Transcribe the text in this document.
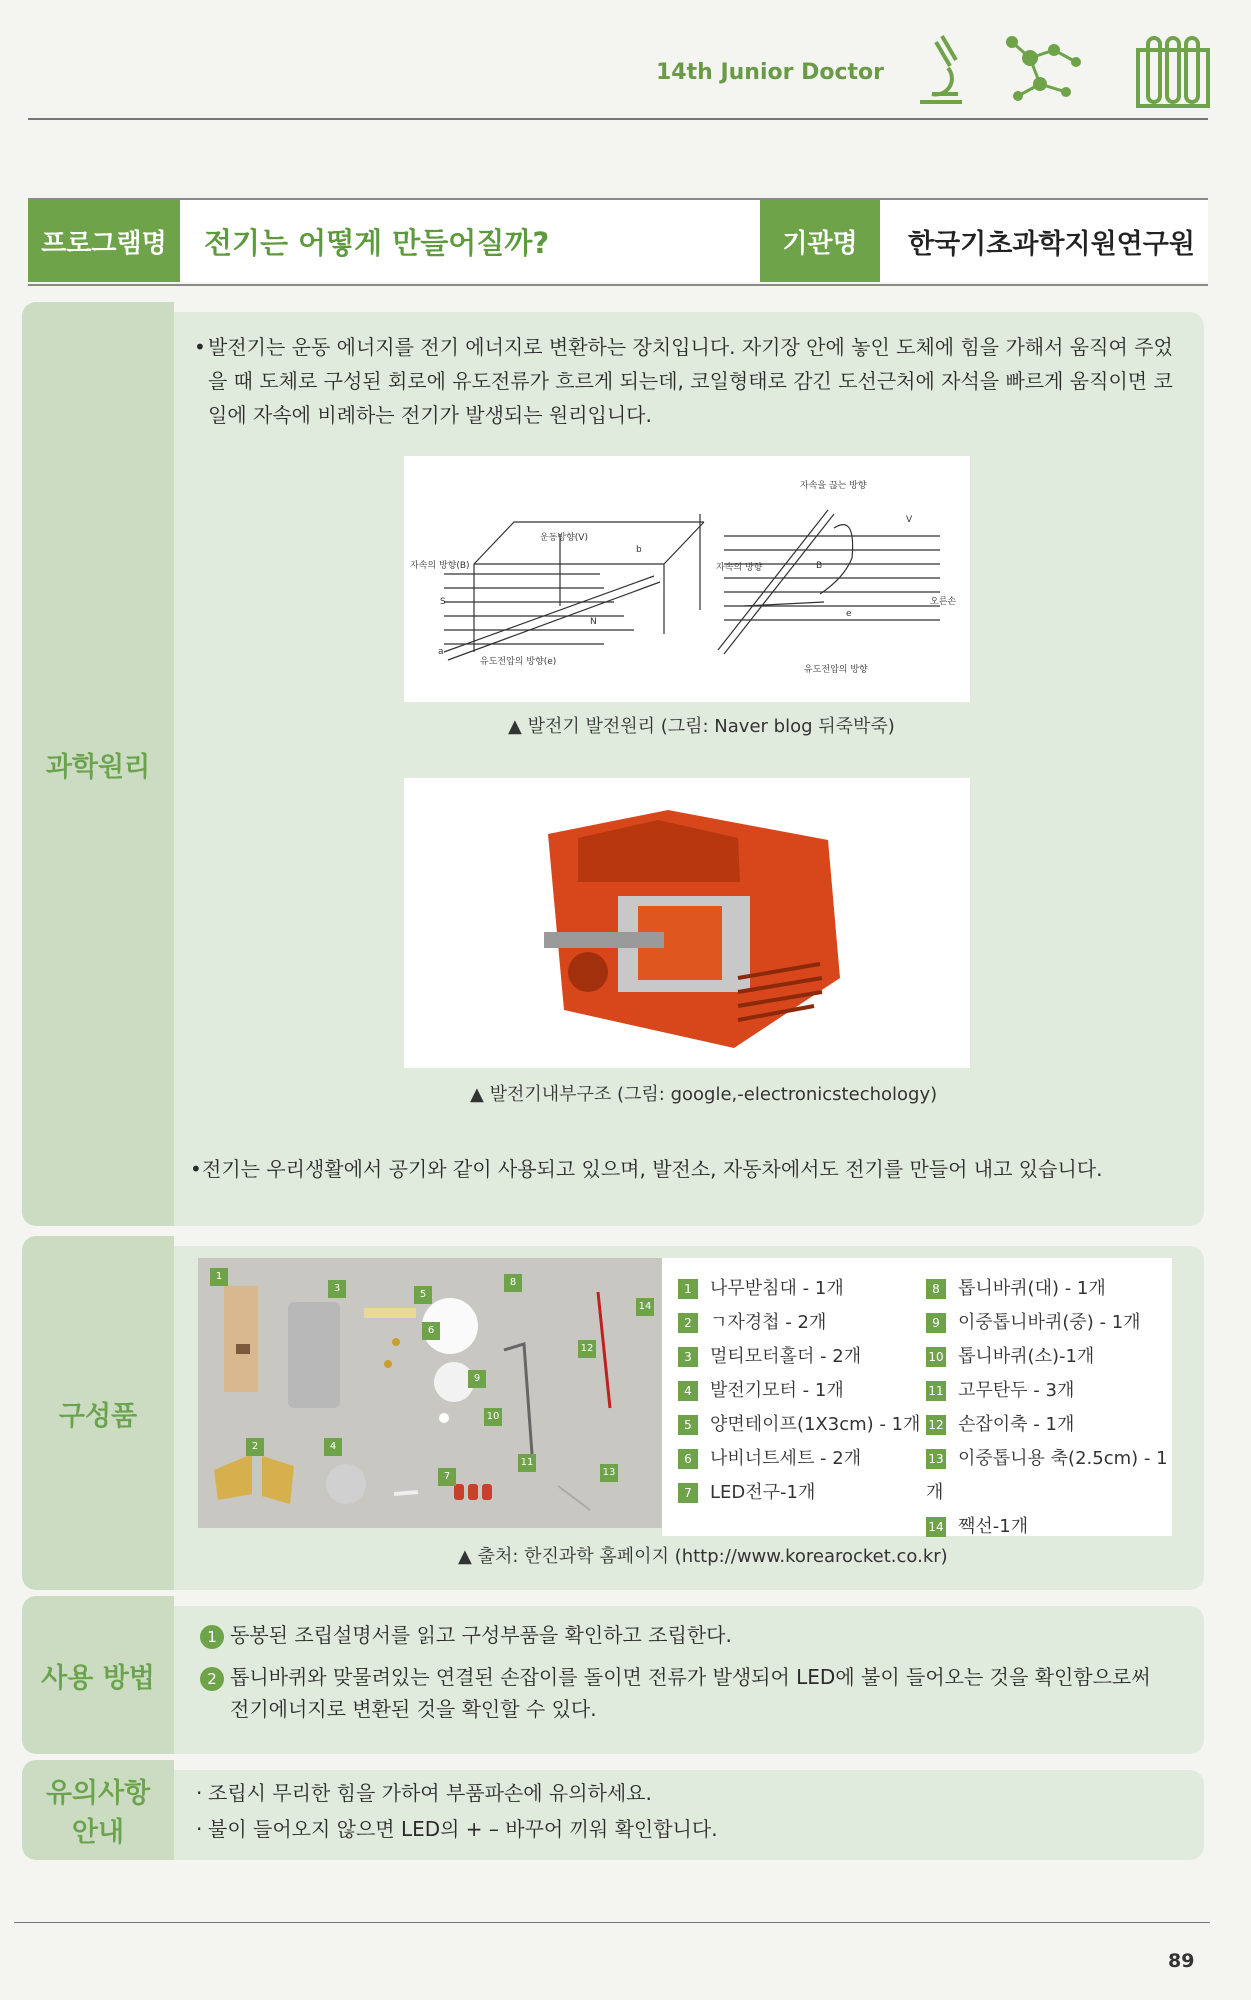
14th Junior Doctor
프로그램명	전기는 어떻게 만들어질까?	기관명	한국기초과학지원연구원
과학원리
• 발전기는 운동 에너지를 전기 에너지로 변환하는 장치입니다. 자기장 안에 놓인 도체에 힘을 가해서 움직여 주었을 때 도체로 구성된 회로에 유도전류가 흐르게 되는데, 코일형태로 감긴 도선근처에 자석을 빠르게 움직이면 코일에 자속에 비례하는 전기가 발생되는 원리입니다.
운동방향(V)
자속의 방향(B)
S
N
a
b
유도전압의 방향(e)
자속을 끊는 방향
자속의 방향
V
B
e
오른손
유도전압의 방향
▲ 발전기 발전원리 (그림: Naver blog 뒤죽박죽)
▲ 발전기내부구조 (그림: google,-electronicstechology)
• 전기는 우리생활에서 공기와 같이 사용되고 있으며, 발전소, 자동차에서도 전기를 만들어 내고 있습니다.
구성품
1
2
3
4
5
6
7
8
9
10
11
12
13
14
1 나무받침대 - 1개
2 ㄱ자경첩 - 2개
3 멀티모터홀더 - 2개
4 발전기모터 - 1개
5 양면테이프(1X3cm) - 1개
6 나비너트세트 - 2개
7 LED전구-1개
8 톱니바퀴(대) - 1개
9 이중톱니바퀴(중) - 1개
10 톱니바퀴(소)-1개
11 고무탄두 - 3개
12 손잡이축 - 1개
13 이중톱니용 축(2.5cm) - 1개
14 짹선-1개
▲ 출처: 한진과학 홈페이지 (http://www.korearocket.co.kr)
사용 방법
1 동봉된 조립설명서를 읽고 구성부품을 확인하고 조립한다.
2 톱니바퀴와 맞물려있는 연결된 손잡이를 돌이면 전류가 발생되어 LED에 불이 들어오는 것을 확인함으로써
전기에너지로 변환된 것을 확인할 수 있다.
유의사항
안내
· 조립시 무리한 힘을 가하여 부품파손에 유의하세요.
· 불이 들어오지 않으면 LED의 + – 바꾸어 끼워 확인합니다.
89
